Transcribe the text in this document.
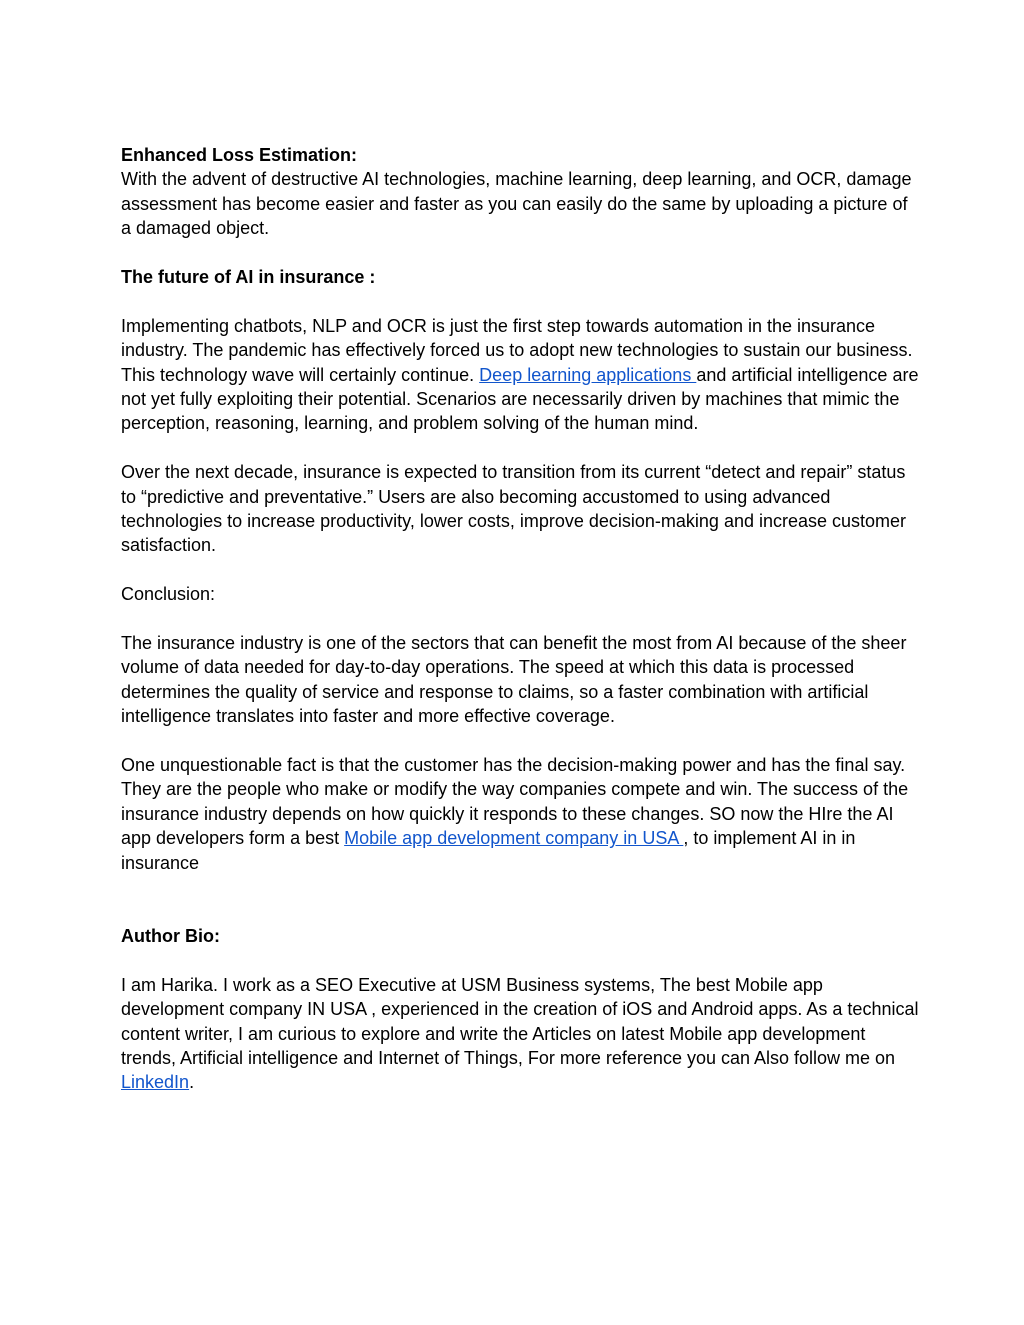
Enhanced Loss Estimation:

With the advent of destructive AI technologies, machine learning, deep learning, and OCR, damage assessment has become easier and faster as you can easily do the same by uploading a picture of a damaged object.

The future of AI in insurance :

Implementing chatbots, NLP and OCR is just the first step towards automation in the insurance industry. The pandemic has effectively forced us to adopt new technologies to sustain our business. This technology wave will certainly continue. Deep learning applications and artificial intelligence are not yet fully exploiting their potential. Scenarios are necessarily driven by machines that mimic the perception, reasoning, learning, and problem solving of the human mind.

Over the next decade, insurance is expected to transition from its current “detect and repair” status to “predictive and preventative.” Users are also becoming accustomed to using advanced technologies to increase productivity, lower costs, improve decision-making and increase customer satisfaction.

Conclusion:

The insurance industry is one of the sectors that can benefit the most from AI because of the sheer volume of data needed for day-to-day operations. The speed at which this data is processed determines the quality of service and response to claims, so a faster combination with artificial intelligence translates into faster and more effective coverage.

One unquestionable fact is that the customer has the decision-making power and has the final say. They are the people who make or modify the way companies compete and win. The success of the insurance industry depends on how quickly it responds to these changes. SO now the HIre the AI app developers form a best Mobile app development company in USA , to implement AI in in insurance

Author Bio:

I am Harika. I work as a SEO Executive at USM Business systems, The best Mobile app development company IN USA , experienced in the creation of iOS and Android apps. As a technical content writer, I am curious to explore and write the Articles on latest Mobile app development trends, Artificial intelligence and Internet of Things, For more reference you can Also follow me on LinkedIn.
